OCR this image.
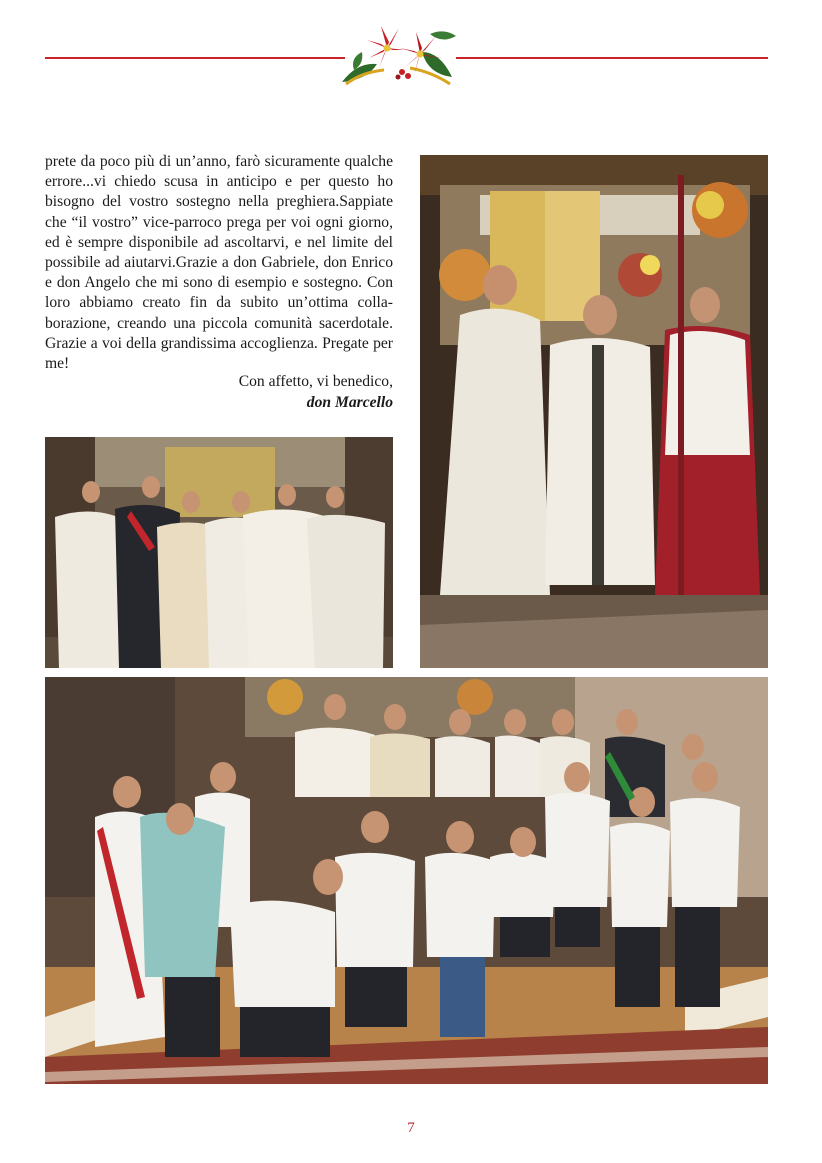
prete da poco più di un’anno, farò sicuramente qualche errore...vi chiedo scusa in anticipo e per questo ho bisogno del vostro sostegno nella preghiera.Sappiate che “il vostro” vice-parroco prega per voi ogni giorno, ed è sempre disponibile ad ascoltarvi, e nel limite del possibile ad aiutarvi.Grazie a don Gabriele, don Enrico e don Angelo che mi sono di esempio e sostegno. Con loro abbiamo creato fin da subito un’ottima collaborazione, creando una piccola comunità sacerdotale. Grazie a voi della grandissima accoglienza. Pregate per me!

Con affetto, vi benedico,
don Marcello
7
